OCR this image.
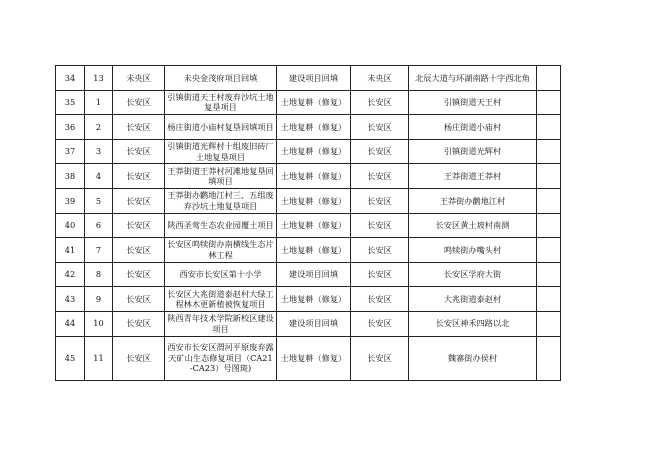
34	13	未央区	未央金茂府项目回填	建设项目回填	未央区	北辰大道与环湖南路十字西北角	
35	1	长安区	引镇街道天王村废弃沙坑土地复垦项目	土地复耕（修复）	长安区	引镇街道天王村	
36	2	长安区	杨庄街道小庙村复垦回填项目	土地复耕（修复）	长安区	杨庄街道小庙村	
37	3	长安区	引镇街道光辉村十组废旧砖厂土地复垦项目	土地复耕（修复）	长安区	引镇街道光辉村	
38	4	长安区	王莽街道王莽村河滩地复垦回填项目	土地复耕（修复）	长安区	王莽街道王莽村	
39	5	长安区	王莽街办鹳地江村三、五组废弃沙坑土地复垦项目	土地复耕（修复）	长安区	王莽街办鹳地江村	
40	6	长安区	陕西圣莺生态农业园覆土项目	土地复耕（修复）	长安区	长安区黄土坡村南测	
41	7	长安区	长安区鸣犊街办南横线生态片林工程	土地复耕（修复）	长安区	鸣犊街办嘴头村	
42	8	长安区	西安市长安区第十小学	建设项目回填	长安区	长安区学府大街	
43	9	长安区	长安区大兆街道泰赵村大绿工程林木更新植被恢复项目	土地复耕（修复）	长安区	大兆街道泰赵村	
44	10	长安区	陕西青年技术学院新校区建设项目	建设项目回填	长安区	长安区神禾四路以北	
45	11	长安区	西安市长安区渭河平原废弃露天矿山生态修复项目（CA21-CA23）号图斑)	土地复耕（修复）	长安区	魏寨街办侯村	
